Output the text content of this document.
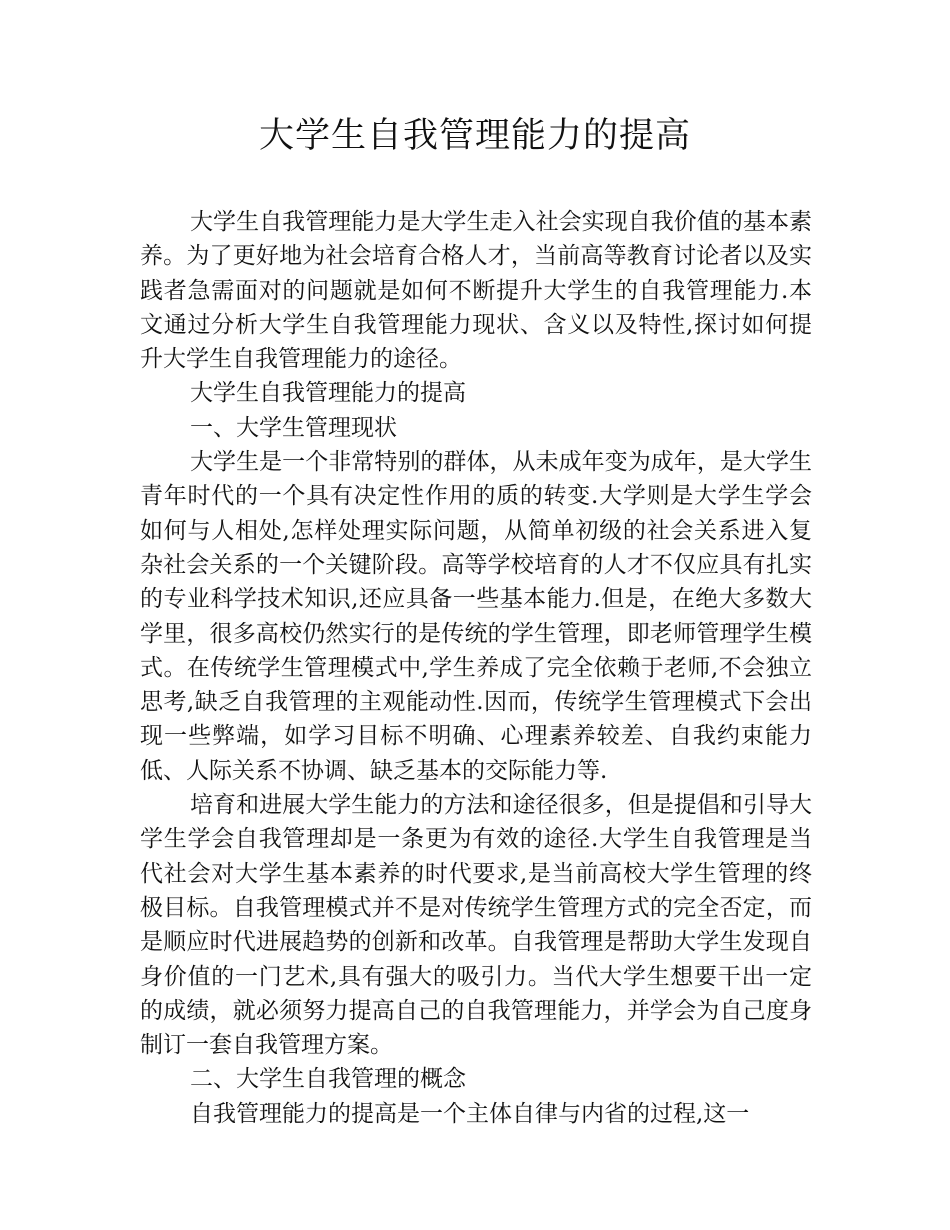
大学生自我管理能力的提高

大学生自我管理能力是大学生走入社会实现自我价值的基本素养。为了更好地为社会培育合格人才，当前高等教育讨论者以及实践者急需面对的问题就是如何不断提升大学生的自我管理能力.本文通过分析大学生自我管理能力现状、含义以及特性,探讨如何提升大学生自我管理能力的途径。

大学生自我管理能力的提高

一、大学生管理现状

大学生是一个非常特别的群体，从未成年变为成年，是大学生青年时代的一个具有决定性作用的质的转变.大学则是大学生学会如何与人相处,怎样处理实际问题，从简单初级的社会关系进入复杂社会关系的一个关键阶段。高等学校培育的人才不仅应具有扎实的专业科学技术知识,还应具备一些基本能力.但是，在绝大多数大学里，很多高校仍然实行的是传统的学生管理，即老师管理学生模式。在传统学生管理模式中,学生养成了完全依赖于老师,不会独立思考,缺乏自我管理的主观能动性.因而，传统学生管理模式下会出现一些弊端，如学习目标不明确、心理素养较差、自我约束能力低、人际关系不协调、缺乏基本的交际能力等.

培育和进展大学生能力的方法和途径很多，但是提倡和引导大学生学会自我管理却是一条更为有效的途径.大学生自我管理是当代社会对大学生基本素养的时代要求,是当前高校大学生管理的终极目标。自我管理模式并不是对传统学生管理方式的完全否定，而是顺应时代进展趋势的创新和改革。自我管理是帮助大学生发现自身价值的一门艺术,具有强大的吸引力。当代大学生想要干出一定的成绩，就必须努力提高自己的自我管理能力，并学会为自己度身制订一套自我管理方案。

二、大学生自我管理的概念

自我管理能力的提高是一个主体自律与内省的过程,这一
